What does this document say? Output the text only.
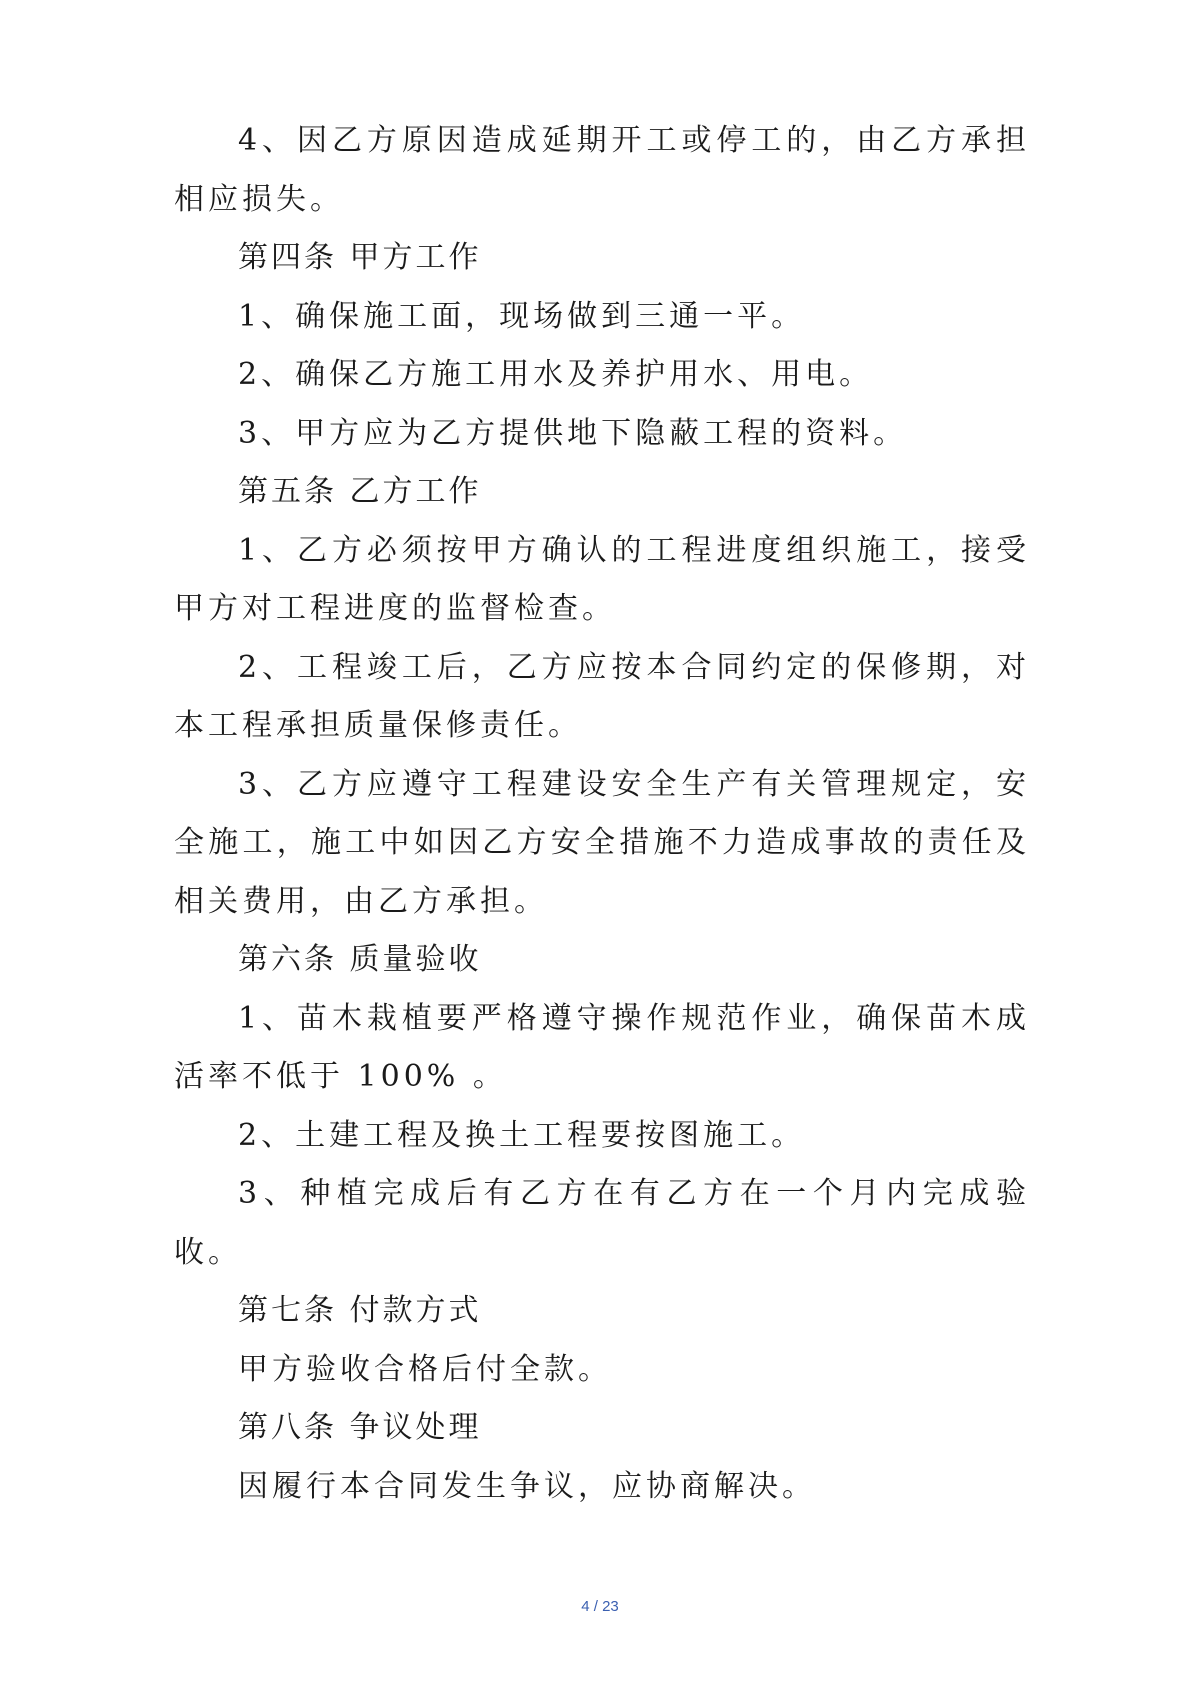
4、因乙方原因造成延期开工或停工的，由乙方承担相应损失。

第四条 甲方工作

1、确保施工面，现场做到三通一平。

2、确保乙方施工用水及养护用水、用电。

3、甲方应为乙方提供地下隐蔽工程的资料。

第五条 乙方工作

1、乙方必须按甲方确认的工程进度组织施工，接受甲方对工程进度的监督检查。

2、工程竣工后，乙方应按本合同约定的保修期，对本工程承担质量保修责任。

3、乙方应遵守工程建设安全生产有关管理规定，安全施工，施工中如因乙方安全措施不力造成事故的责任及相关费用，由乙方承担。

第六条 质量验收

1、苗木栽植要严格遵守操作规范作业，确保苗木成活率不低于 100% 。

2、土建工程及换土工程要按图施工。

3、种植完成后有乙方在有乙方在一个月内完成验收。

第七条 付款方式

甲方验收合格后付全款。

第八条 争议处理

因履行本合同发生争议，应协商解决。

4 / 23
